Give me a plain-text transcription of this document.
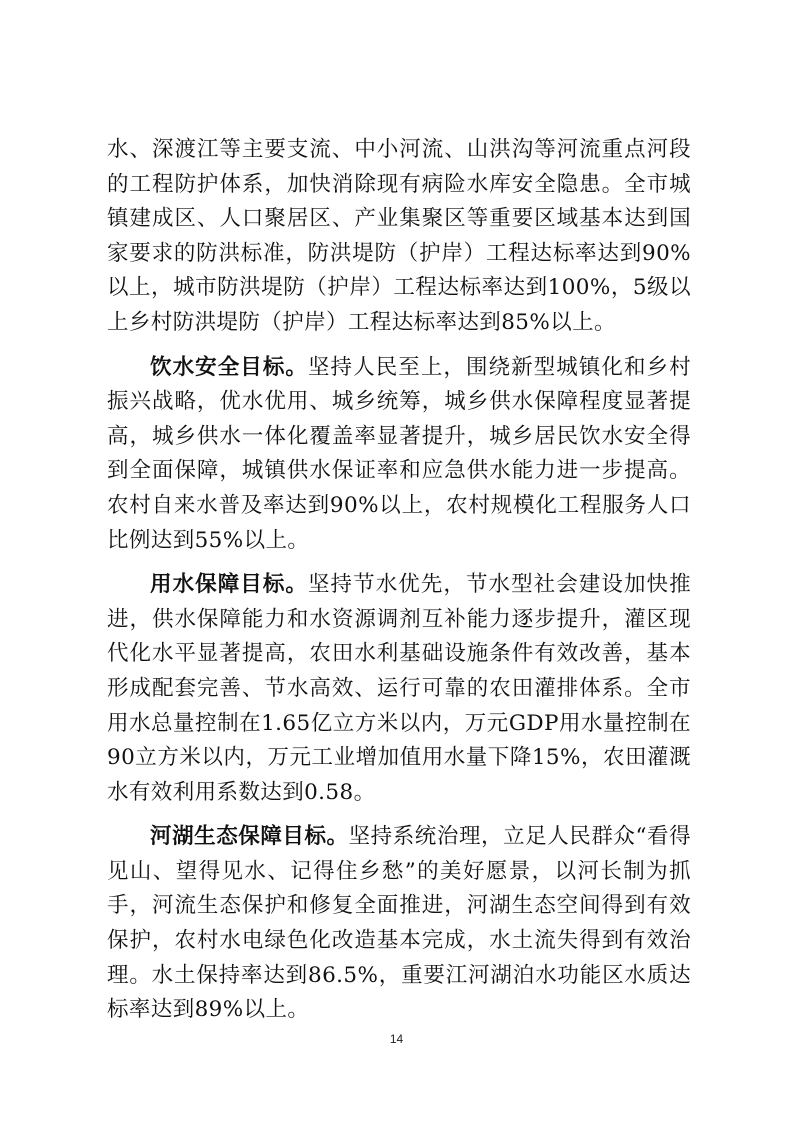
水、深渡江等主要支流、中小河流、山洪沟等河流重点河段的工程防护体系，加快消除现有病险水库安全隐患。全市城镇建成区、人口聚居区、产业集聚区等重要区域基本达到国家要求的防洪标准，防洪堤防（护岸）工程达标率达到90%以上，城市防洪堤防（护岸）工程达标率达到100%，5级以上乡村防洪堤防（护岸）工程达标率达到85%以上。

饮水安全目标。坚持人民至上，围绕新型城镇化和乡村振兴战略，优水优用、城乡统筹，城乡供水保障程度显著提高，城乡供水一体化覆盖率显著提升，城乡居民饮水安全得到全面保障，城镇供水保证率和应急供水能力进一步提高。农村自来水普及率达到90%以上，农村规模化工程服务人口比例达到55%以上。

用水保障目标。坚持节水优先，节水型社会建设加快推进，供水保障能力和水资源调剂互补能力逐步提升，灌区现代化水平显著提高，农田水利基础设施条件有效改善，基本形成配套完善、节水高效、运行可靠的农田灌排体系。全市用水总量控制在1.65亿立方米以内，万元GDP用水量控制在90立方米以内，万元工业增加值用水量下降15%，农田灌溉水有效利用系数达到0.58。

河湖生态保障目标。坚持系统治理，立足人民群众“看得见山、望得见水、记得住乡愁”的美好愿景，以河长制为抓手，河流生态保护和修复全面推进，河湖生态空间得到有效保护，农村水电绿色化改造基本完成，水土流失得到有效治理。水土保持率达到86.5%，重要江河湖泊水功能区水质达标率达到89%以上。

14
